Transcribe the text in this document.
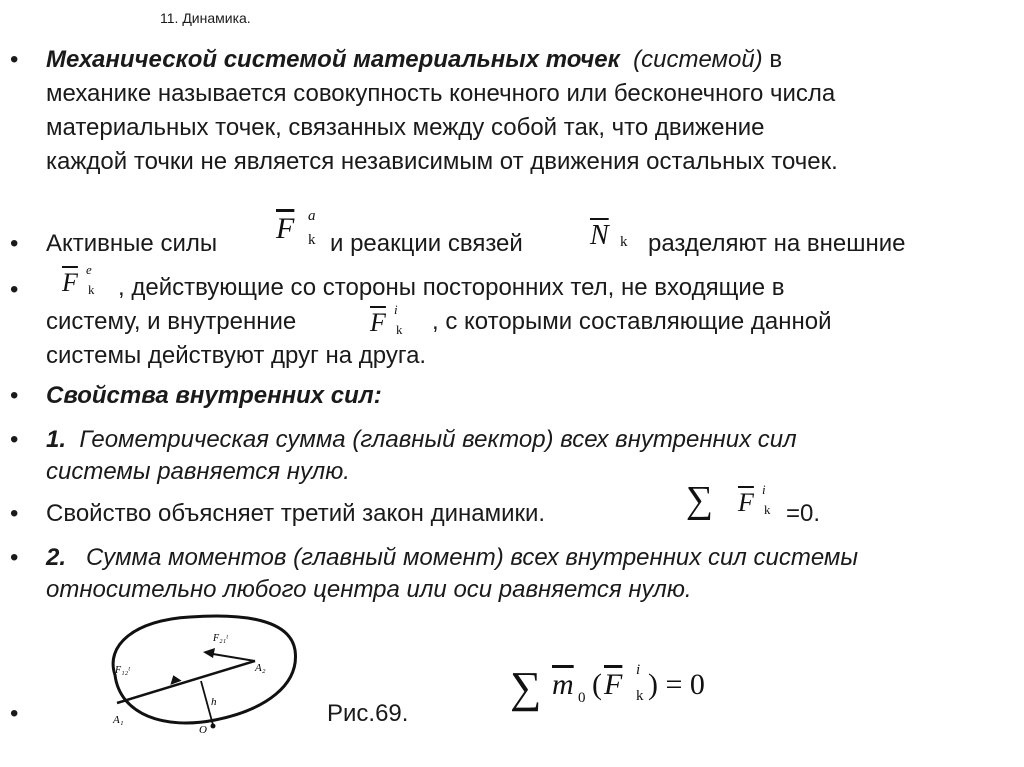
11. Динамика.
• Механической системой материальных точек (системой) в
механике называется совокупность конечного или бесконечного числа
материальных точек, связанных между собой так, что движение
каждой точки не является независимым от движения остальных точек.
• Активные силы $\overline{F}$ a
k и реакции связей $\overline{N}$ k разделяют на внешние
• $\overline{F}$ e
k , действующие со стороны посторонних тел, не входящие в
систему, и внутренние	$\overline{F}$ i
k , с которыми составляющие данной
системы действуют друг на друга.
• Свойства внутренних сил:
• 1. Геометрическая сумма (главный вектор) всех внутренних сил
системы равняется нулю.
• Свойство объясняет третий закон динамики.	∑ $\overline{F}$ i
k =0.
• 2. Сумма моментов (главный момент) всех внутренних сил системы
относительно любого центра или оси равняется нулю.
F₁₂ᵗ
F₂₁ᵗ
A₁
A₂
h
O
•	Рис.69.
∑ $\overline{m}$ 0 ( $\overline{F}$ i
k ) = 0
